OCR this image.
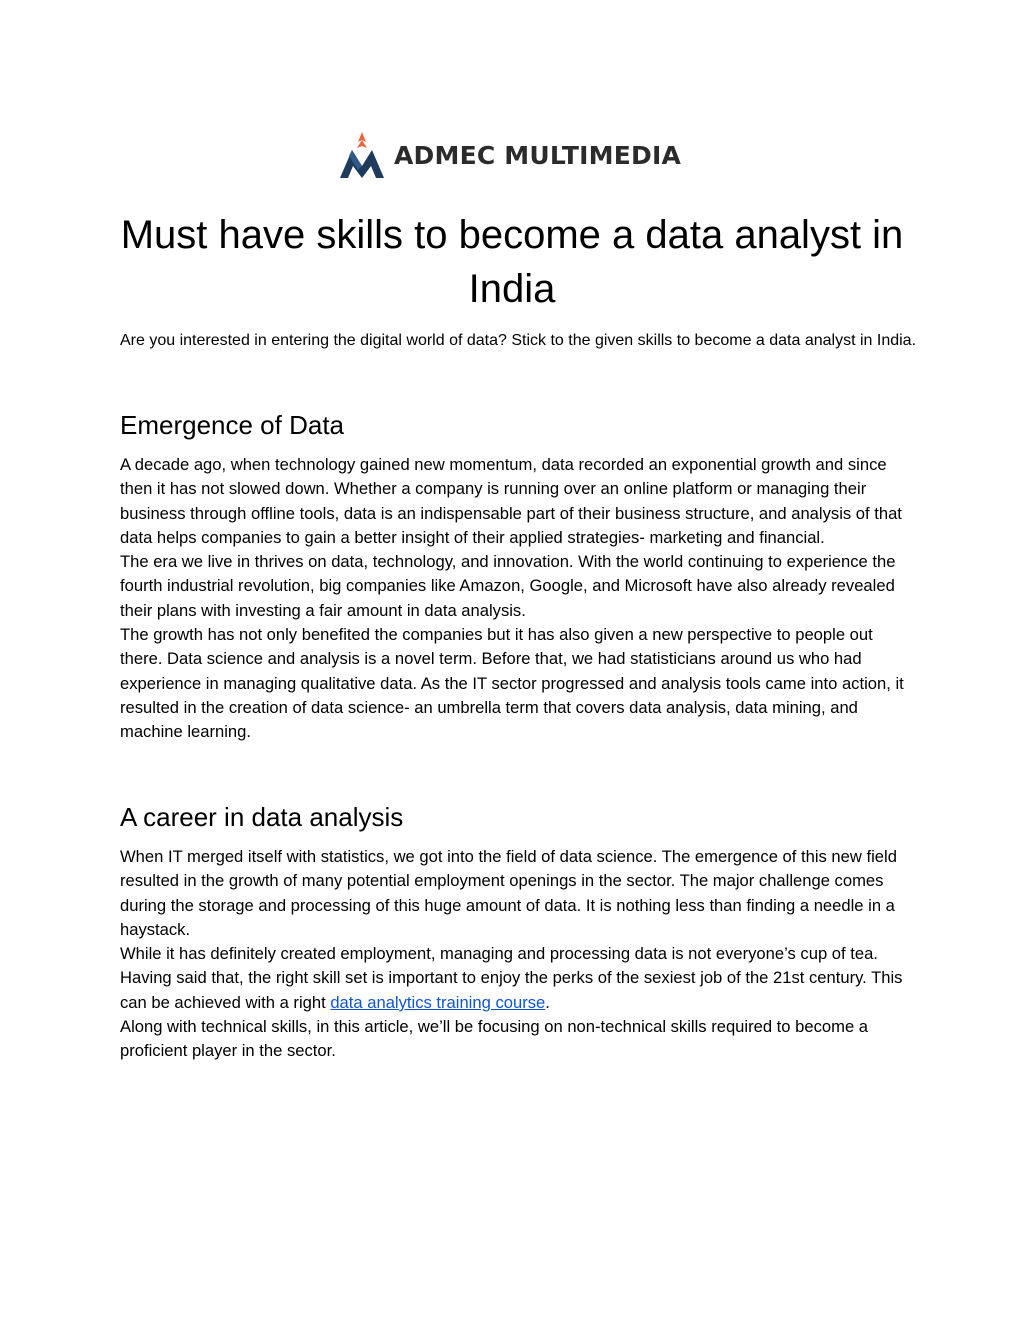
ADMEC MULTIMEDIA
Must have skills to become a data analyst in India

Are you interested in entering the digital world of data? Stick to the given skills to become a data analyst in India.

Emergence of Data

A decade ago, when technology gained new momentum, data recorded an exponential growth and since then it has not slowed down. Whether a company is running over an online platform or managing their business through offline tools, data is an indispensable part of their business structure, and analysis of that data helps companies to gain a better insight of their applied strategies- marketing and financial.

The era we live in thrives on data, technology, and innovation. With the world continuing to experience the fourth industrial revolution, big companies like Amazon, Google, and Microsoft have also already revealed their plans with investing a fair amount in data analysis.

The growth has not only benefited the companies but it has also given a new perspective to people out there. Data science and analysis is a novel term. Before that, we had statisticians around us who had experience in managing qualitative data. As the IT sector progressed and analysis tools came into action, it resulted in the creation of data science- an umbrella term that covers data analysis, data mining, and machine learning.

A career in data analysis

When IT merged itself with statistics, we got into the field of data science. The emergence of this new field resulted in the growth of many potential employment openings in the sector. The major challenge comes during the storage and processing of this huge amount of data. It is nothing less than finding a needle in a haystack.

While it has definitely created employment, managing and processing data is not everyone’s cup of tea. Having said that, the right skill set is important to enjoy the perks of the sexiest job of the 21st century. This can be achieved with a right data analytics training course.

Along with technical skills, in this article, we’ll be focusing on non-technical skills required to become a proficient player in the sector.
